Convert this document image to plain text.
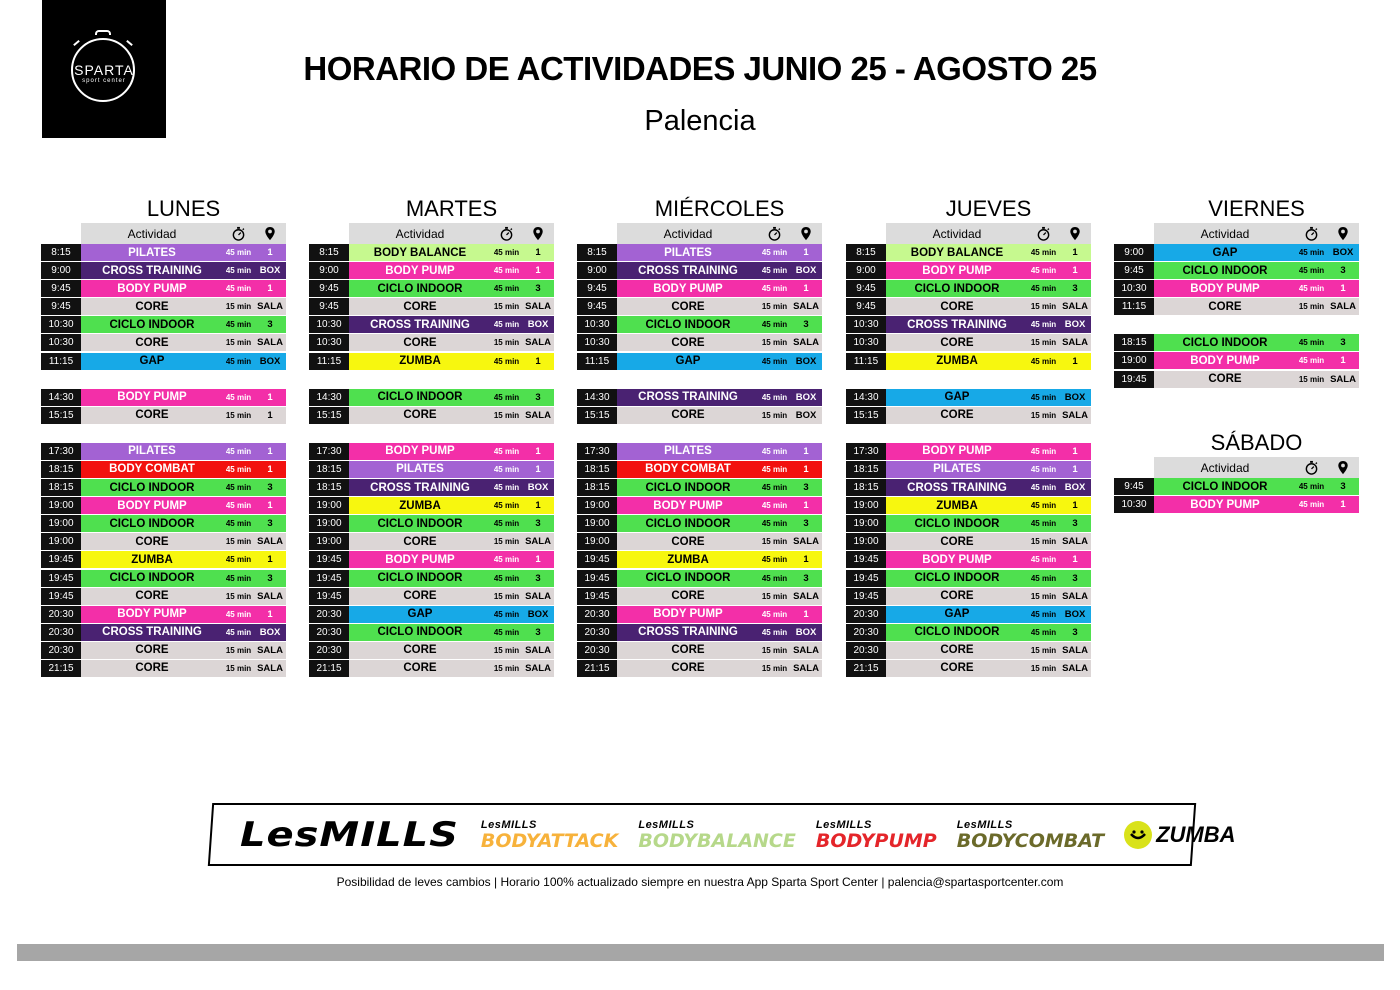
SPARTA
sport center	HORARIO DE ACTIVIDADES JUNIO 25 - AGOSTO 25
Palencia
LUNES
Actividad
8:15	PILATES	45 min	1
9:00	CROSS TRAINING	45 min BOX
9:45	BODY PUMP	45 min	1
9:45	CORE	15 min SALA
10:30	CICLO INDOOR	45 min	3
10:30	CORE	15 min SALA
11:15	GAP	45 min BOX
14:30	BODY PUMP	45 min	1
15:15	CORE	15 min	1
17:30	PILATES	45 min	1
18:15	BODY COMBAT	45 min	1
18:15	CICLO INDOOR	45 min	3
19:00	BODY PUMP	45 min	1
19:00	CICLO INDOOR	45 min	3
19:00	CORE	15 min SALA
19:45	ZUMBA	45 min	1
19:45	CICLO INDOOR	45 min	3
19:45	CORE	15 min SALA
20:30	BODY PUMP	45 min	1
20:30	CROSS TRAINING	45 min BOX
20:30	CORE	15 min SALA
21:15	CORE	15 min SALA
MARTES
Actividad
8:15	BODY BALANCE	45 min	1
9:00	BODY PUMP	45 min	1
9:45	CICLO INDOOR	45 min	3
9:45	CORE	15 min SALA
10:30	CROSS TRAINING	45 min BOX
10:30	CORE	15 min SALA
11:15	ZUMBA	45 min	1
14:30	CICLO INDOOR	45 min	3
15:15	CORE	15 min SALA
17:30	BODY PUMP	45 min	1
18:15	PILATES	45 min	1
18:15	CROSS TRAINING	45 min BOX
19:00	ZUMBA	45 min	1
19:00	CICLO INDOOR	45 min	3
19:00	CORE	15 min SALA
19:45	BODY PUMP	45 min	1
19:45	CICLO INDOOR	45 min	3
19:45	CORE	15 min SALA
20:30	GAP	45 min BOX
20:30	CICLO INDOOR	45 min	3
20:30	CORE	15 min SALA
21:15	CORE	15 min SALA
MIÉRCOLES
Actividad
8:15	PILATES	45 min	1
9:00	CROSS TRAINING	45 min BOX
9:45	BODY PUMP	45 min	1
9:45	CORE	15 min SALA
10:30	CICLO INDOOR	45 min	3
10:30	CORE	15 min SALA
11:15	GAP	45 min BOX
14:30	CROSS TRAINING	45 min BOX
15:15	CORE	15 min BOX
17:30	PILATES	45 min	1
18:15	BODY COMBAT	45 min	1
18:15	CICLO INDOOR	45 min	3
19:00	BODY PUMP	45 min	1
19:00	CICLO INDOOR	45 min	3
19:00	CORE	15 min SALA
19:45	ZUMBA	45 min	1
19:45	CICLO INDOOR	45 min	3
19:45	CORE	15 min SALA
20:30	BODY PUMP	45 min	1
20:30	CROSS TRAINING	45 min BOX
20:30	CORE	15 min SALA
21:15	CORE	15 min SALA
JUEVES
Actividad
8:15	BODY BALANCE	45 min	1
9:00	BODY PUMP	45 min	1
9:45	CICLO INDOOR	45 min	3
9:45	CORE	15 min SALA
10:30	CROSS TRAINING	45 min BOX
10:30	CORE	15 min SALA
11:15	ZUMBA	45 min	1
14:30	GAP	45 min BOX
15:15	CORE	15 min SALA
17:30	BODY PUMP	45 min	1
18:15	PILATES	45 min	1
18:15	CROSS TRAINING	45 min BOX
19:00	ZUMBA	45 min	1
19:00	CICLO INDOOR	45 min	3
19:00	CORE	15 min SALA
19:45	BODY PUMP	45 min	1
19:45	CICLO INDOOR	45 min	3
19:45	CORE	15 min SALA
20:30	GAP	45 min BOX
20:30	CICLO INDOOR	45 min	3
20:30	CORE	15 min SALA
21:15	CORE	15 min SALA
VIERNES
Actividad
9:00	GAP	45 min BOX
9:45	CICLO INDOOR	45 min	3
10:30	BODY PUMP	45 min	1
11:15	CORE	15 min SALA
18:15	CICLO INDOOR	45 min	3
19:00	BODY PUMP	45 min	1
19:45	CORE	15 min SALA
SÁBADO
Actividad
9:45	CICLO INDOOR	45 min	3
10:30	BODY PUMP	45 min	1
LesMILLS LesMILLS
BODYATTACK
LesMILLS
BODYBALANCE
LesMILLS
BODYPUMP
LesMILLS
BODYCOMBAT ZUMBA
Posibilidad de leves cambios | Horario 100% actualizado siempre en nuestra App Sparta Sport Center | palencia@spartasportcenter.com
